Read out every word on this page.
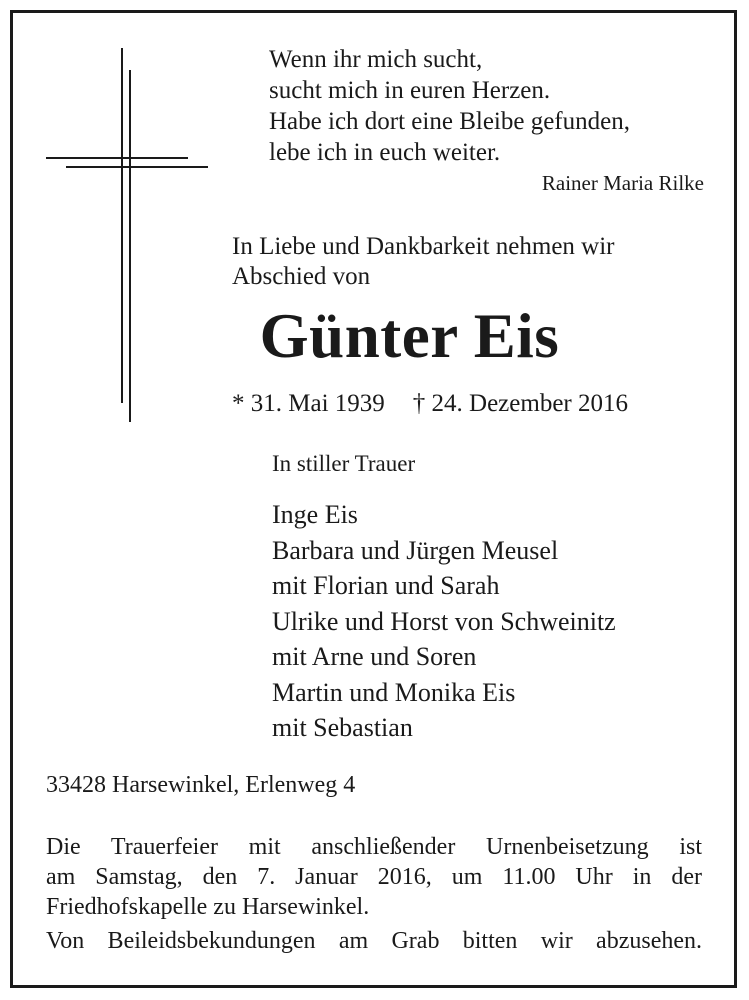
Wenn ihr mich sucht,
sucht mich in euren Herzen.
Habe ich dort eine Bleibe gefunden,
lebe ich in euch weiter.
Rainer Maria Rilke
In Liebe und Dankbarkeit nehmen wir
Abschied von
Günter Eis
* 31. Mai 1939 † 24. Dezember 2016
In stiller Trauer
Inge Eis
Barbara und Jürgen Meusel
mit Florian und Sarah
Ulrike und Horst von Schweinitz
mit Arne und Soren
Martin und Monika Eis
mit Sebastian
33428 Harsewinkel, Erlenweg 4
Die Trauerfeier mit anschließender Urnenbeisetzung ist
am Samstag, den 7. Januar 2016, um 11.00 Uhr in der
Friedhofskapelle zu Harsewinkel.
Von Beileidsbekundungen am Grab bitten wir abzusehen.
